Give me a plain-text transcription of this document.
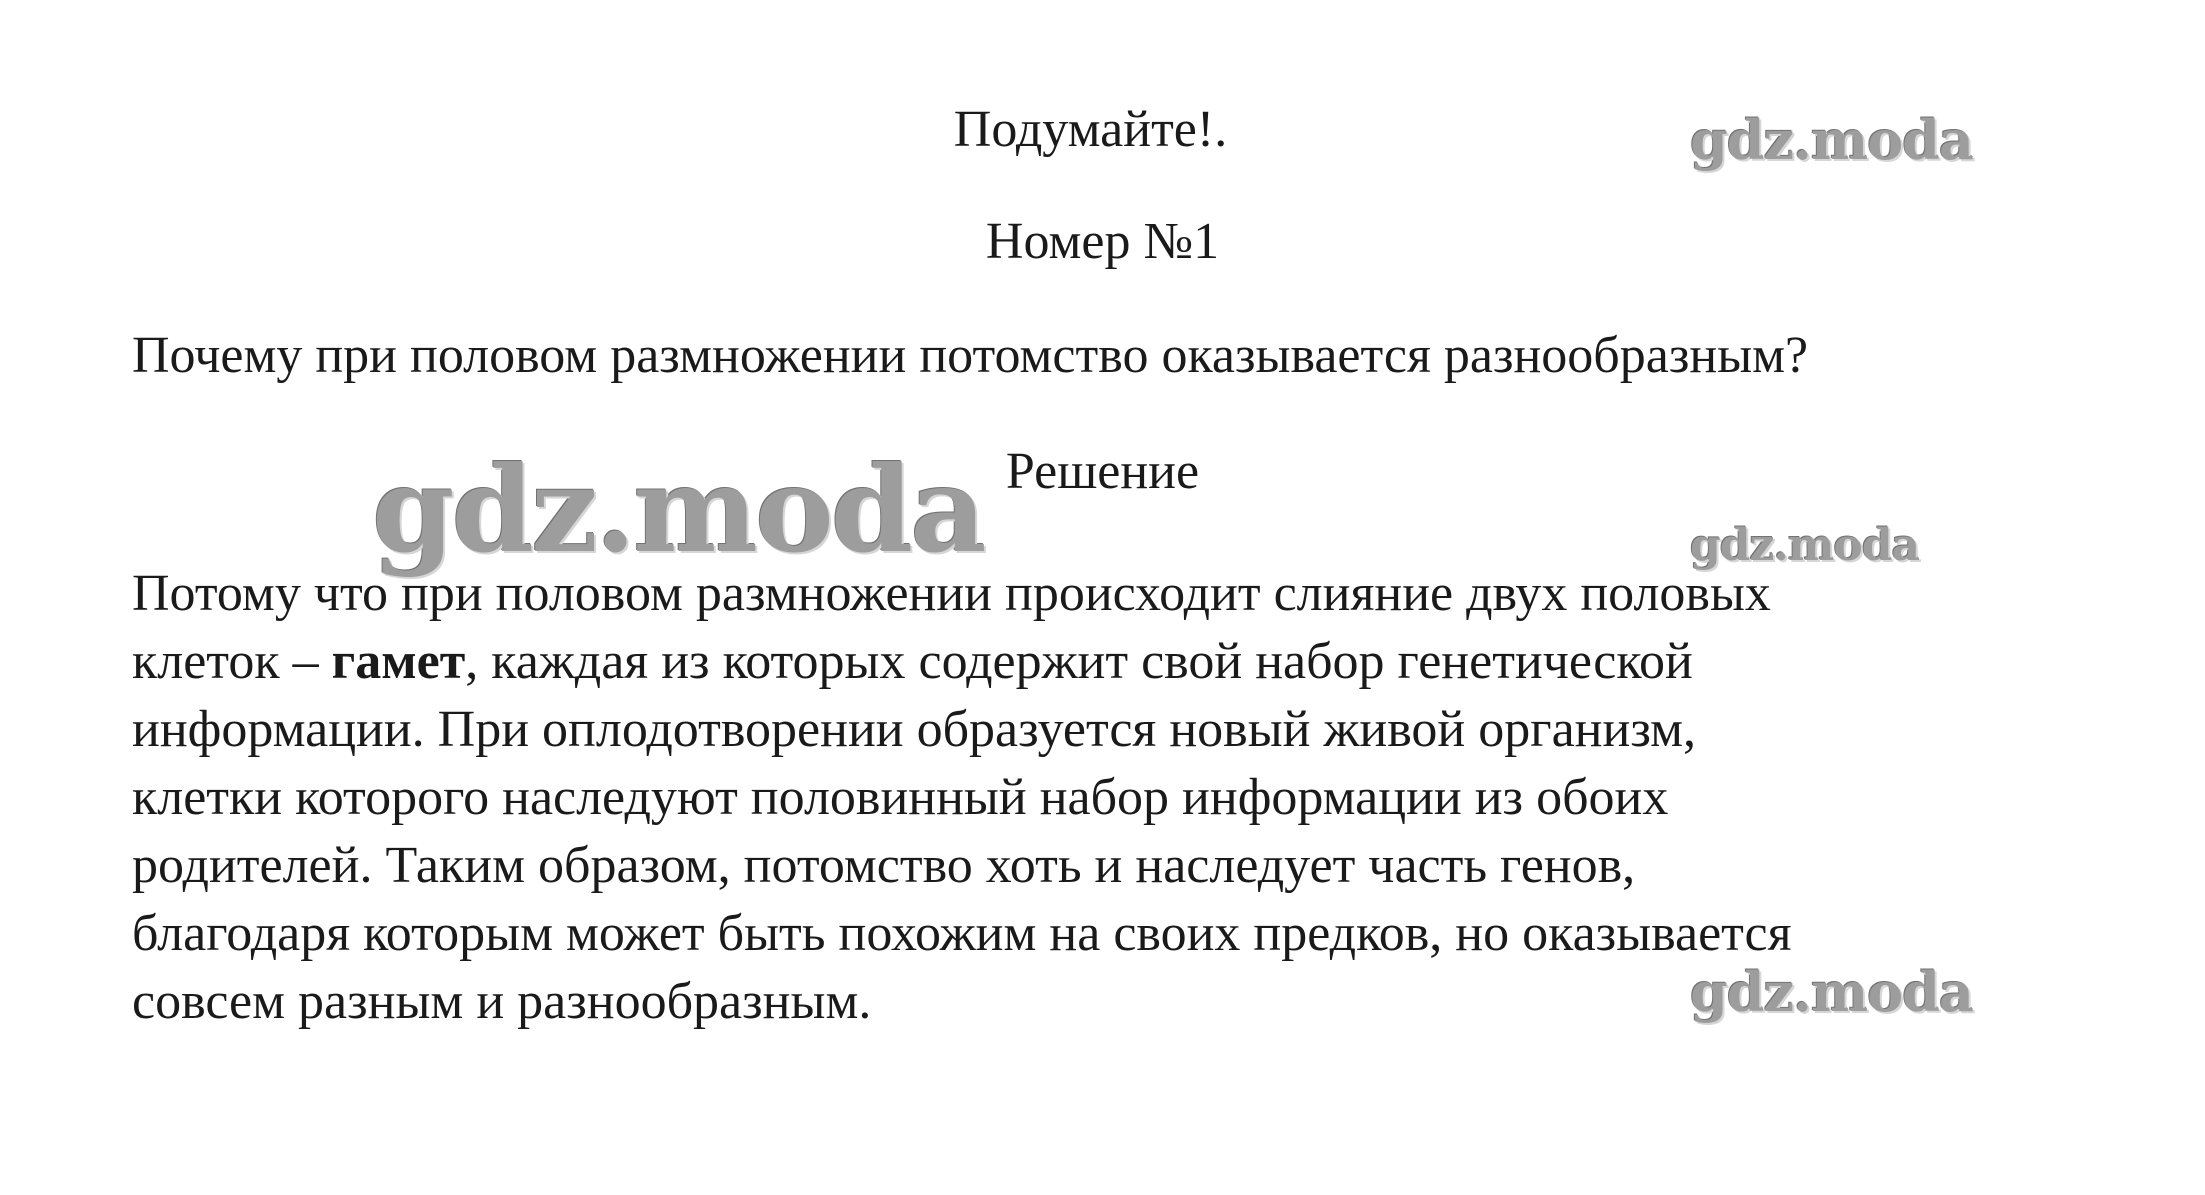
Подумайте!.
Номер №1
Почему при половом размножении потомство оказывается разнообразным?
Решение
Потому что при половом размножении происходит слияние двух половых
клеток – гамет, каждая из которых содержит свой набор генетической
информации. При оплодотворении образуется новый живой организм,
клетки которого наследуют половинный набор информации из обоих
родителей. Таким образом, потомство хоть и наследует часть генов,
благодаря которым может быть похожим на своих предков, но оказывается
совсем разным и разнообразным.
gdz.moda
gdz.moda	gdz.moda
gdz.moda
